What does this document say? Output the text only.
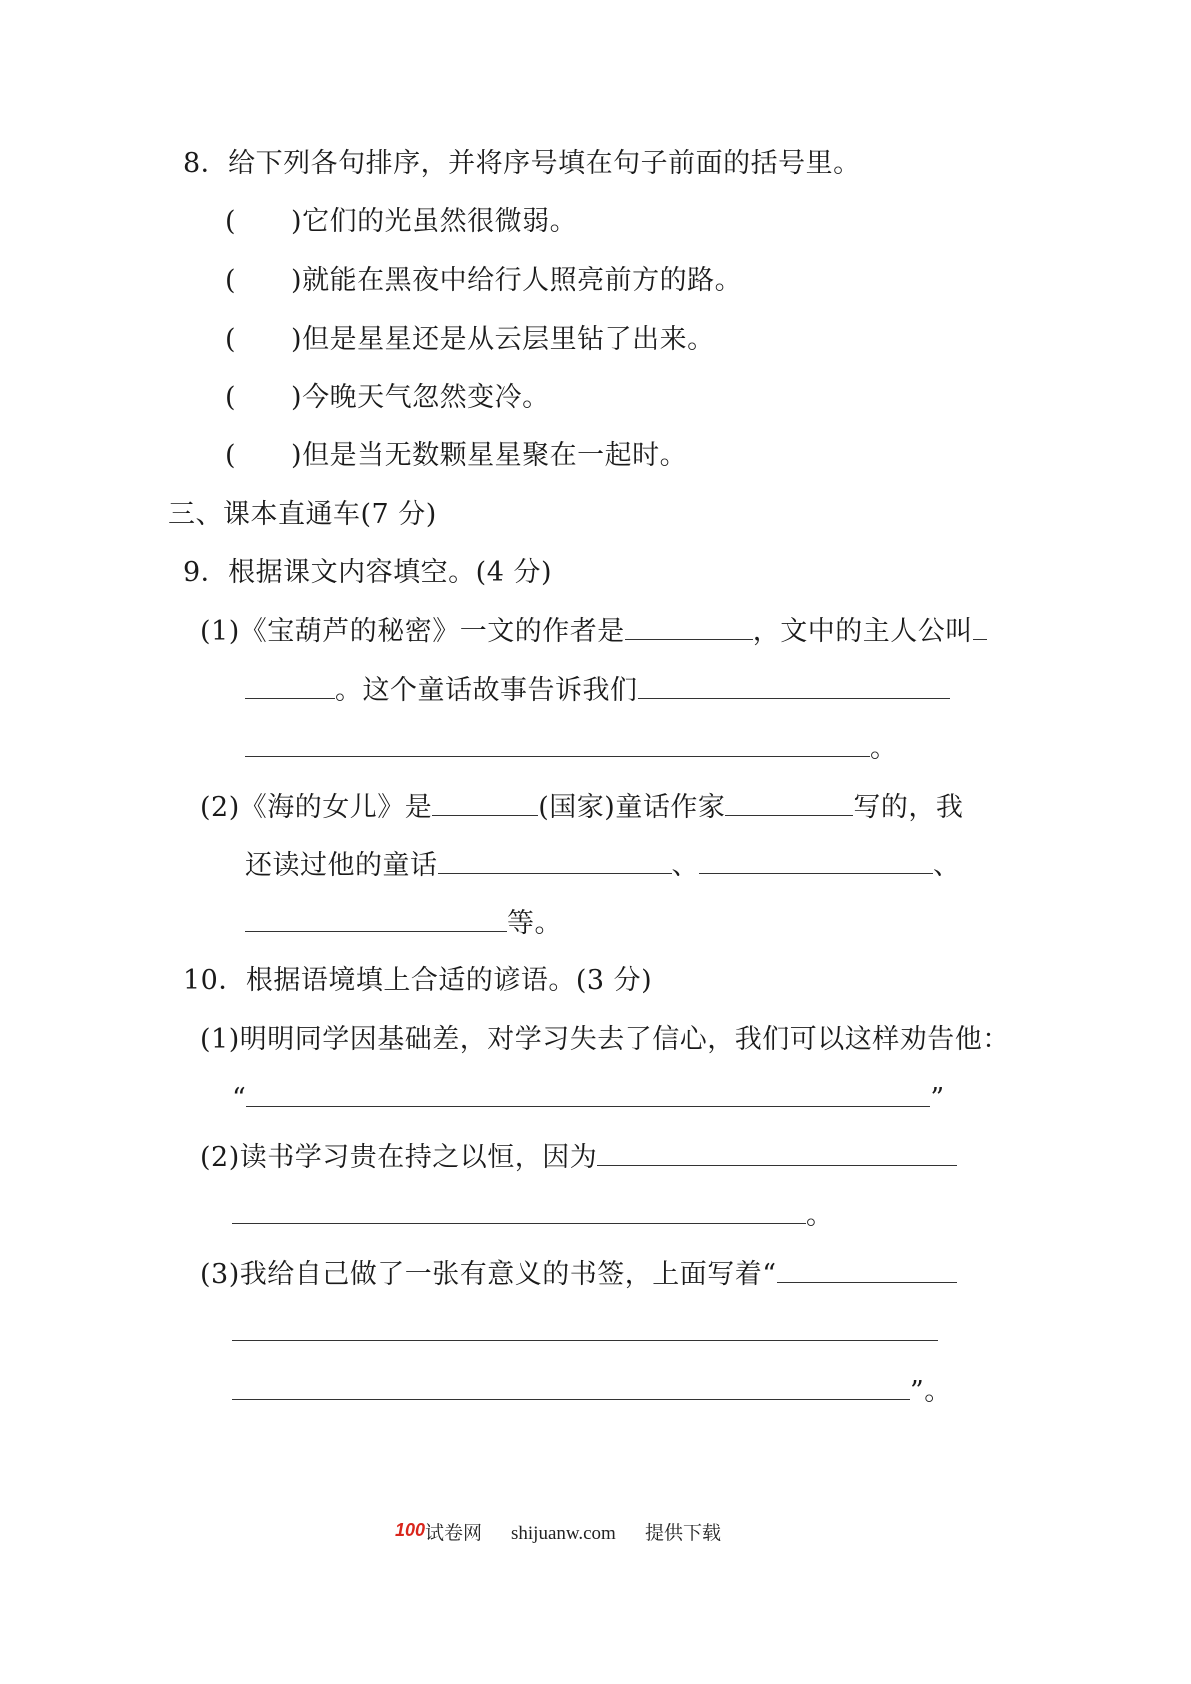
8．给下列各句排序，并将序号填在句子前面的括号里。
(　　)它们的光虽然很微弱。
(　　)就能在黑夜中给行人照亮前方的路。
(　　)但是星星还是从云层里钻了出来。
(　　)今晚天气忽然变冷。
(　　)但是当无数颗星星聚在一起时。
三、课本直通车(7 分)
9．根据课文内容填空。(4 分)
(1)《宝葫芦的秘密》一文的作者是	，文中的主人公叫
。这个童话故事告诉我们
。
(2)《海的女儿》是	(国家)童话作家	写的，我
还读过他的童话	、	、
等。
10．根据语境填上合适的谚语。(3 分)
(1)明明同学因基础差，对学习失去了信心，我们可以这样劝告他：
“	”
(2)读书学习贵在持之以恒，因为
。
(3)我给自己做了一张有意义的书签，上面写着“
”。
100 试卷网 shijuanw.com 提供下载
